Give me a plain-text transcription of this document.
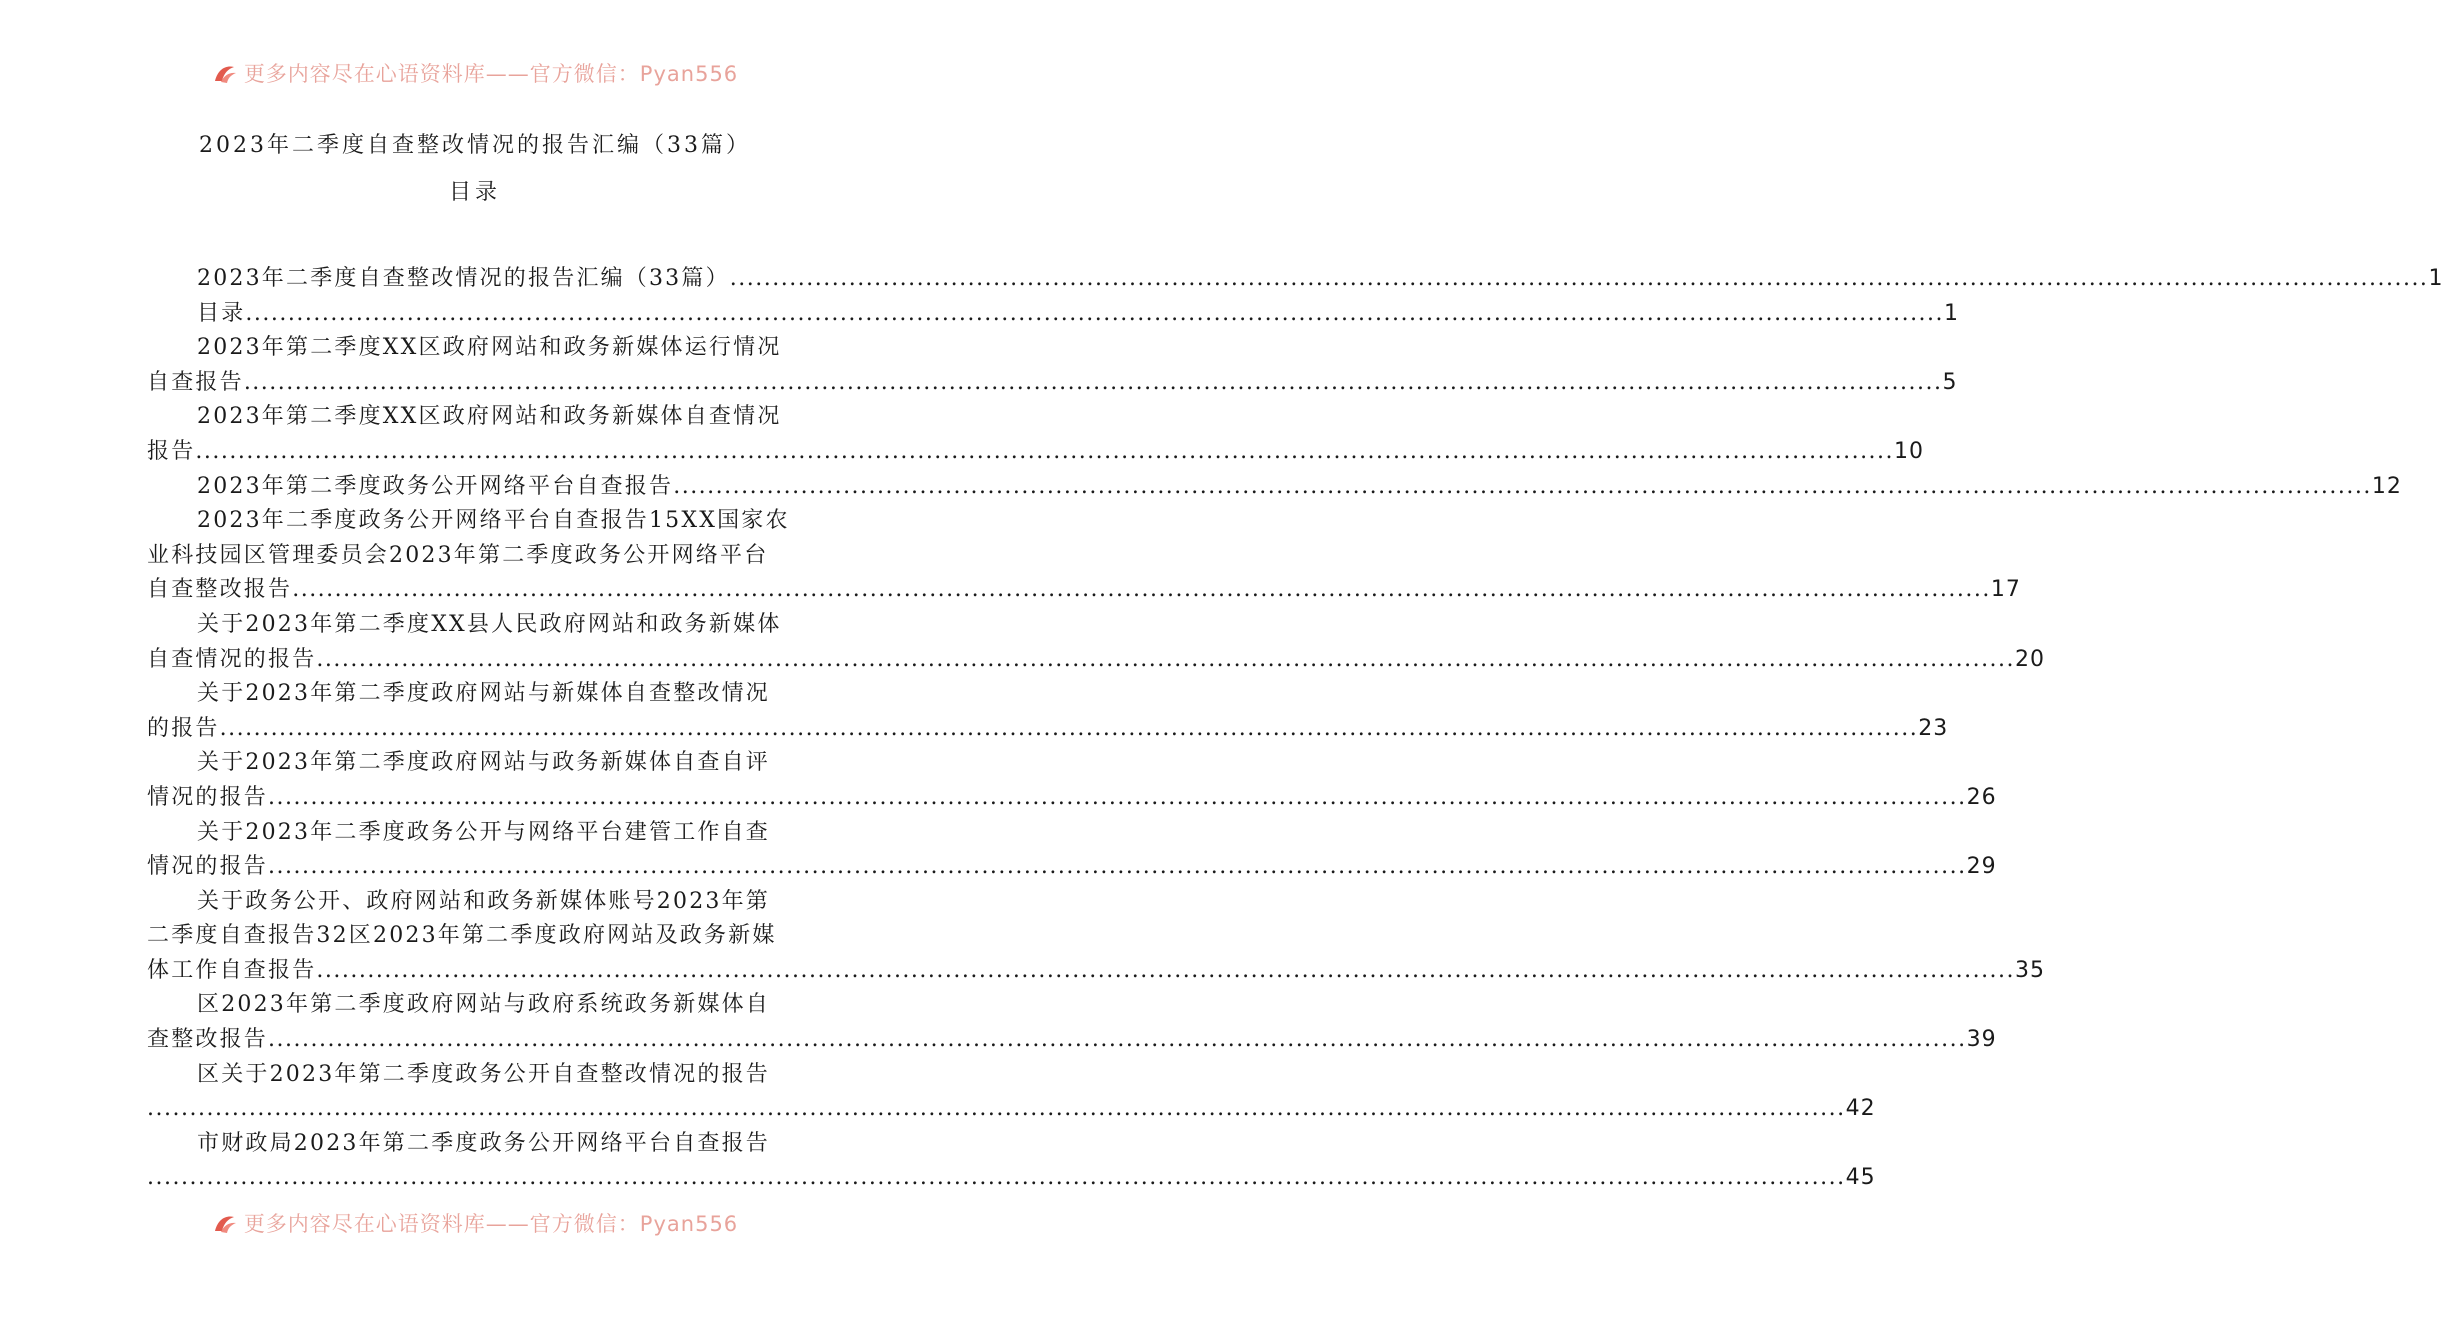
更多内容尽在心语资料库——官方微信：Pyan556
2023年二季度自查整改情况的报告汇编（33篇）
目录
2023年二季度自查整改情况的报告汇编（33篇） ........................................................................................................................................................................................................ 1
目录 ........................................................................................................................................................................................................ 1
2023年第二季度XX区政府网站和政务新媒体运行情况
自查报告 ........................................................................................................................................................................................................ 5
2023年第二季度XX区政府网站和政务新媒体自查情况
报告 ........................................................................................................................................................................................................ 10
2023年第二季度政务公开网络平台自查报告 ........................................................................................................................................................................................................ 12
2023年二季度政务公开网络平台自查报告15XX国家农
业科技园区管理委员会2023年第二季度政务公开网络平台
自查整改报告 ........................................................................................................................................................................................................ 17
关于2023年第二季度XX县人民政府网站和政务新媒体
自查情况的报告 ........................................................................................................................................................................................................ 20
关于2023年第二季度政府网站与新媒体自查整改情况
的报告 ........................................................................................................................................................................................................ 23
关于2023年第二季度政府网站与政务新媒体自查自评
情况的报告 ........................................................................................................................................................................................................ 26
关于2023年二季度政务公开与网络平台建管工作自查
情况的报告 ........................................................................................................................................................................................................ 29
关于政务公开、政府网站和政务新媒体账号2023年第
二季度自查报告32区2023年第二季度政府网站及政务新媒
体工作自查报告 ........................................................................................................................................................................................................ 35
区2023年第二季度政府网站与政府系统政务新媒体自
查整改报告 ........................................................................................................................................................................................................ 39
区关于2023年第二季度政务公开自查整改情况的报告
........................................................................................................................................................................................................ 42
市财政局2023年第二季度政务公开网络平台自查报告
........................................................................................................................................................................................................ 45
更多内容尽在心语资料库——官方微信：Pyan556
